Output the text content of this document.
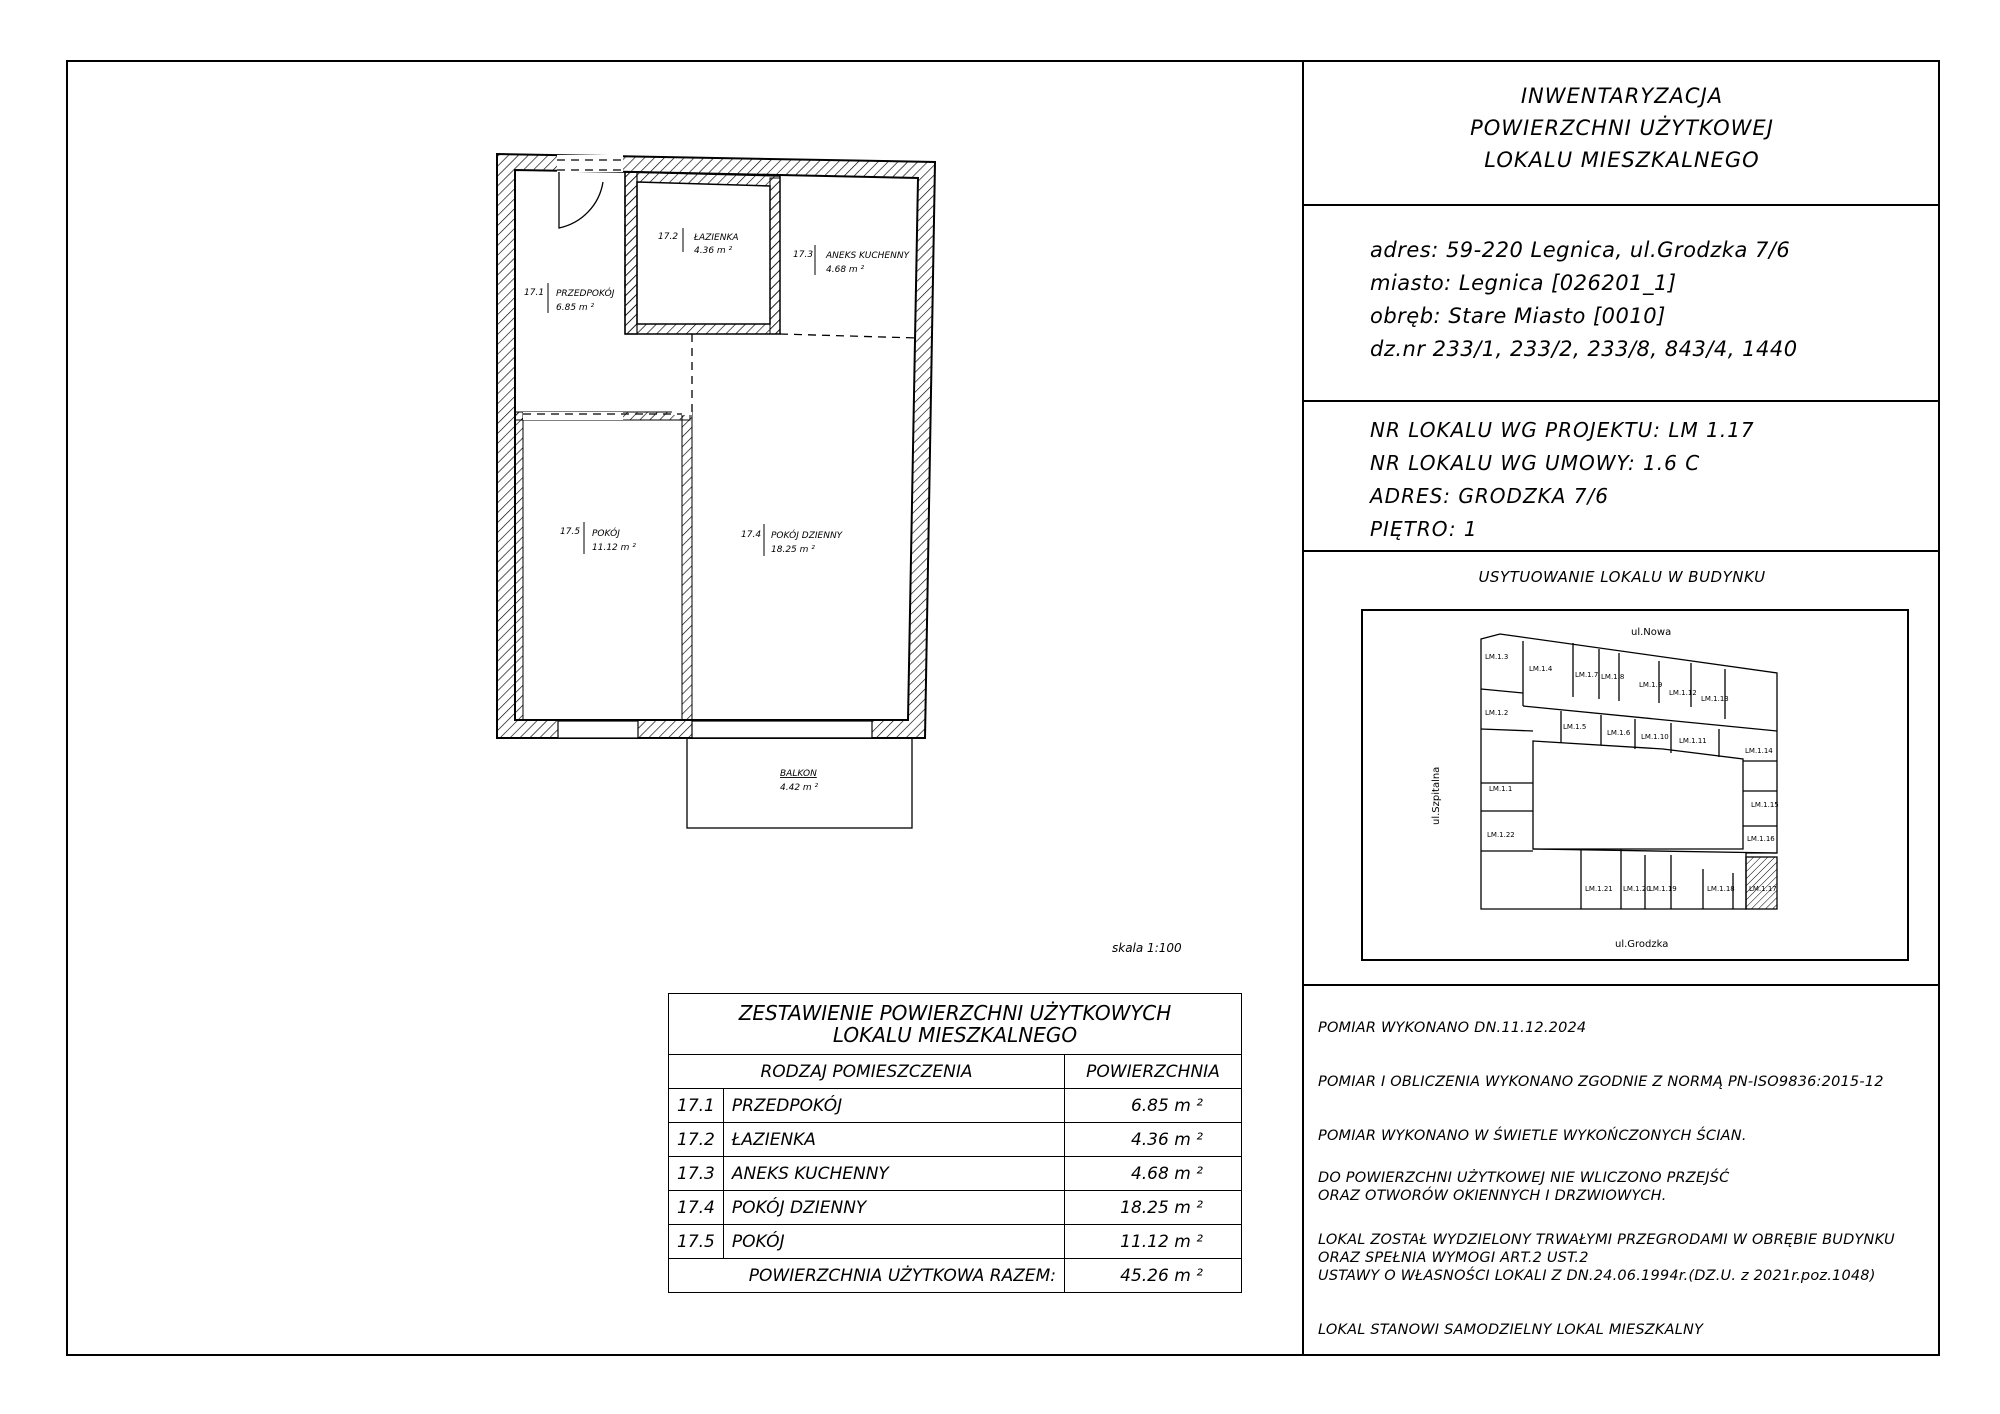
17.2 ŁAZIENKA
4.36 m ²	17.3 ANEKS KUCHENNY
4.68 m ²
17.1 PRZEDPOKÓJ
6.85 m ²
17.4 POKÓJ DZIENNY
18.25 m ²
17.5 POKÓJ
11.12 m ²
BALKON
4.42 m ²
skala 1:100
ZESTAWIENIE POWIERZCHNI UŻYTKOWYCH
LOKALU MIESZKALNEGO		
RODZAJ POMIESZCZENIA		POWIERZCHNIA
17.1	PRZEDPOKÓJ	6.85 m ²
17.2	ŁAZIENKA	4.36 m ²
17.3	ANEKS KUCHENNY	4.68 m ²
17.4	POKÓJ DZIENNY	18.25 m ²
17.5	POKÓJ	11.12 m ²
POWIERZCHNIA UŻYTKOWA RAZEM:		45.26 m ²
INWENTARYZACJA
POWIERZCHNI UŻYTKOWEJ
LOKALU MIESZKALNEGO
adres: 59-220 Legnica, ul.Grodzka 7/6
miasto: Legnica [026201_1]
obręb: Stare Miasto [0010]
dz.nr 233/1, 233/2, 233/8, 843/4, 1440
NR LOKALU WG PROJEKTU: LM 1.17
NR LOKALU WG UMOWY: 1.6 C
ADRES: GRODZKA 7/6
PIĘTRO: 1
USYTUOWANIE LOKALU W BUDYNKU
POMIAR WYKONANO DN.11.12.2024
POMIAR I OBLICZENIA WYKONANO ZGODNIE Z NORMĄ PN-ISO9836:2015-12
POMIAR WYKONANO W ŚWIETLE WYKOŃCZONYCH ŚCIAN.
DO POWIERZCHNI UŻYTKOWEJ NIE WLICZONO PRZEJŚĆ
ORAZ OTWORÓW OKIENNYCH I DRZWIOWYCH.
LOKAL ZOSTAŁ WYDZIELONY TRWAŁYMI PRZEGRODAMI W OBRĘBIE BUDYNKU
ORAZ SPEŁNIA WYMOGI ART.2 UST.2
USTAWY O WŁASNOŚCI LOKALI Z DN.24.06.1994r.(DZ.U. z 2021r.poz.1048)
LOKAL STANOWI SAMODZIELNY LOKAL MIESZKALNY
LM.1.3
LM.1.4
LM.1.7 LM.1.8
LM.1.9
LM.1.12
LM.1.13
LM.1.2
LM.1.5
LM.1.6 LM.1.10 LM.1.11
LM.1.14
LM.1.1
LM.1.15
LM.1.22	LM.1.16
LM.1.21 LM.1.20
LM.1.19	LM.1.18 LM.1.17
ul.Nowa
ul.Grodzka
ul.Szpitalna
